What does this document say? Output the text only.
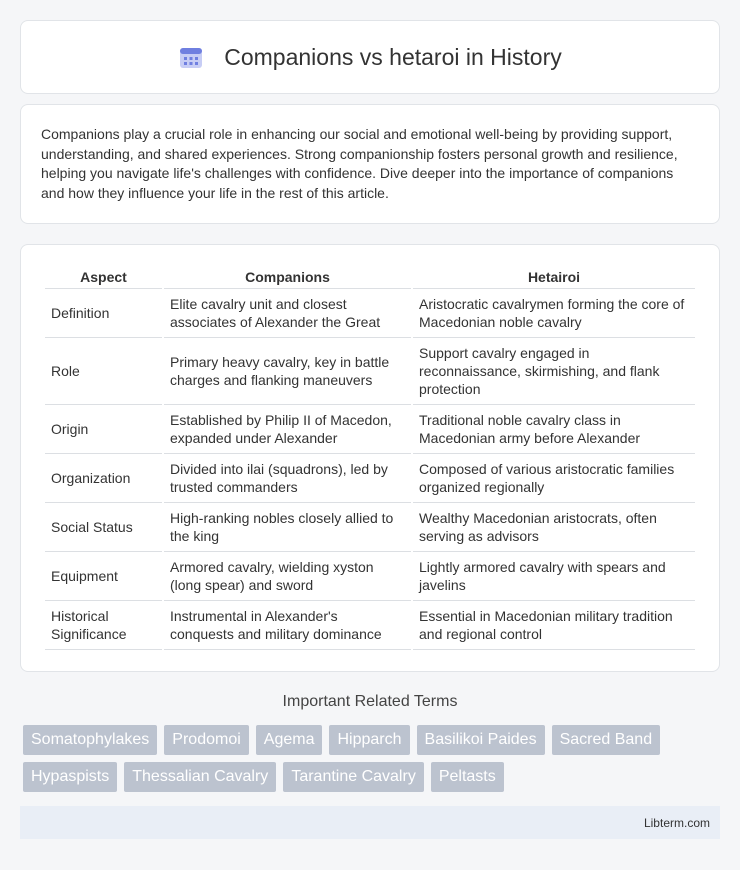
Companions vs hetaroi in History

Companions play a crucial role in enhancing our social and emotional well-being by providing support, understanding, and shared experiences. Strong companionship fosters personal growth and resilience, helping you navigate life's challenges with confidence. Dive deeper into the importance of companions and how they influence your life in the rest of this article.

Aspect	Companions	Hetairoi
Definition	Elite cavalry unit and closest associates of Alexander the Great	Aristocratic cavalrymen forming the core of Macedonian noble cavalry
Role	Primary heavy cavalry, key in battle charges and flanking maneuvers	Support cavalry engaged in reconnaissance, skirmishing, and flank protection
Origin	Established by Philip II of Macedon, expanded under Alexander	Traditional noble cavalry class in Macedonian army before Alexander
Organization	Divided into ilai (squadrons), led by trusted commanders	Composed of various aristocratic families organized regionally
Social Status	High-ranking nobles closely allied to the king	Wealthy Macedonian aristocrats, often serving as advisors
Equipment	Armored cavalry, wielding xyston (long spear) and sword	Lightly armored cavalry with spears and javelins
Historical Significance	Instrumental in Alexander's conquests and military dominance	Essential in Macedonian military tradition and regional control
Important Related Terms
Somatophylakes	Prodomoi	Agema	Hipparch	Basilikoi Paides	Sacred Band
Hypaspists	Thessalian Cavalry	Tarantine Cavalry	Peltasts
Libterm.com
